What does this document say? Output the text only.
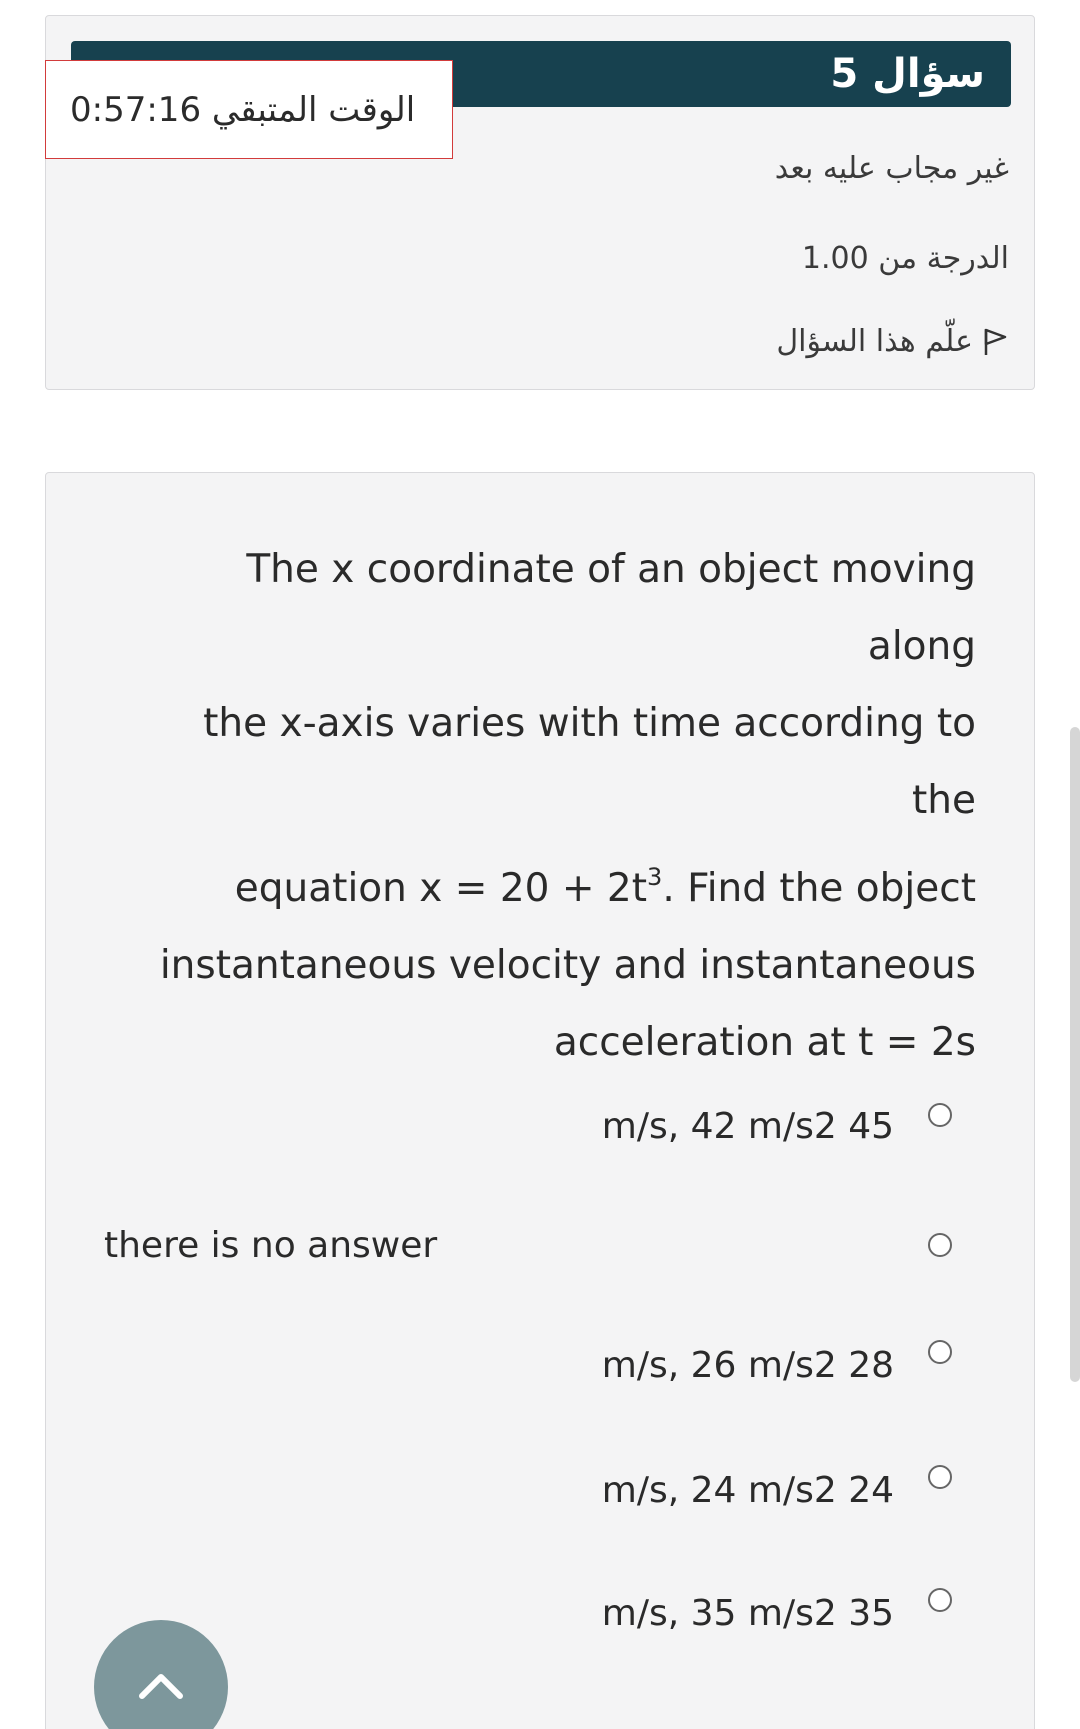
سؤال 5
غير مجاب عليه بعد
الدرجة من 1.00
علّم هذا السؤال
الوقت المتبقي 0:57:16
The x coordinate of an object moving along
the x-axis varies with time according to the
equation $x = 20 + 2t^3$. Find the object
instantaneous velocity and instantaneous
acceleration at t = 2s
m/s, 42 m/s2 45
there is no answer
m/s, 26 m/s2 28
m/s, 24 m/s2 24
m/s, 35 m/s2 35
